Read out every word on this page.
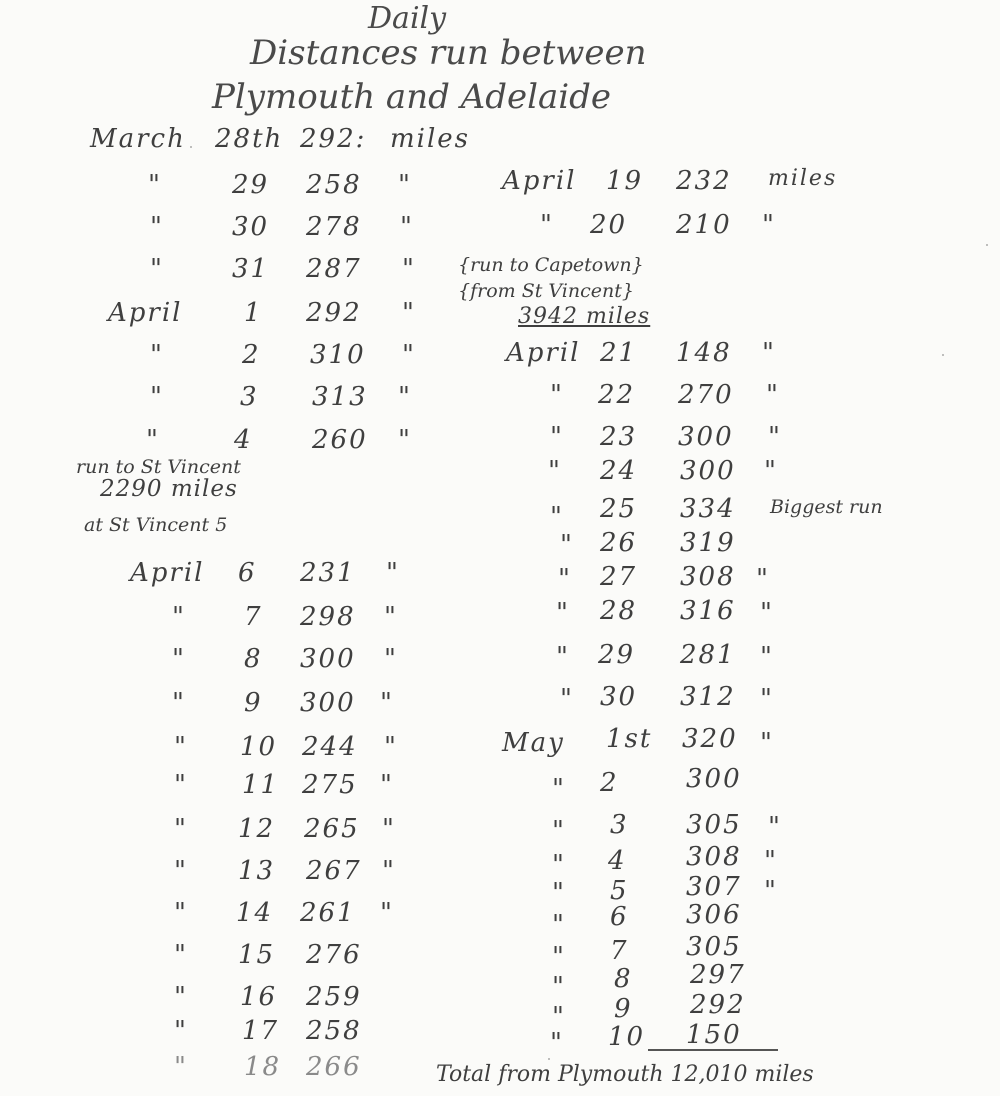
Daily
Distances run between
Plymouth and Adelaide
March 28th 292: miles
"	29 258 "
"	30 278 "
"	31 287 "
April 1 292 "
"	2 310 "
"	3 313 "
"	4 260 "
run to St Vincent
2290 miles
at St Vincent 5
April 6 231 "
" 7 298 "
" 8 300 "
" 9 300 "
" 10 244 "
" 11 275 "
" 12 265 "
" 13 267 "
" 14 261 "
" 15 276
" 16 259
" 17 258
" 18 266
April 19 232 miles
" 20 210 "
{run to Capetown}
{from St Vincent}
3942 miles
April 21 148 "
" 22 270 "
" 23 300 "
" 24 300 "
" 25 334 Biggest run
" 26 319
" 27 308 "
" 28 316 "
" 29 281 "
" 30 312 "
May 1st 320 "
" 2	300
" 3 305 "
" 4 308 "
" 5 307 "
" 6 306
" 7 305
" 8 297
" 9 292
" 10 150
Total from Plymouth 12,010 miles
